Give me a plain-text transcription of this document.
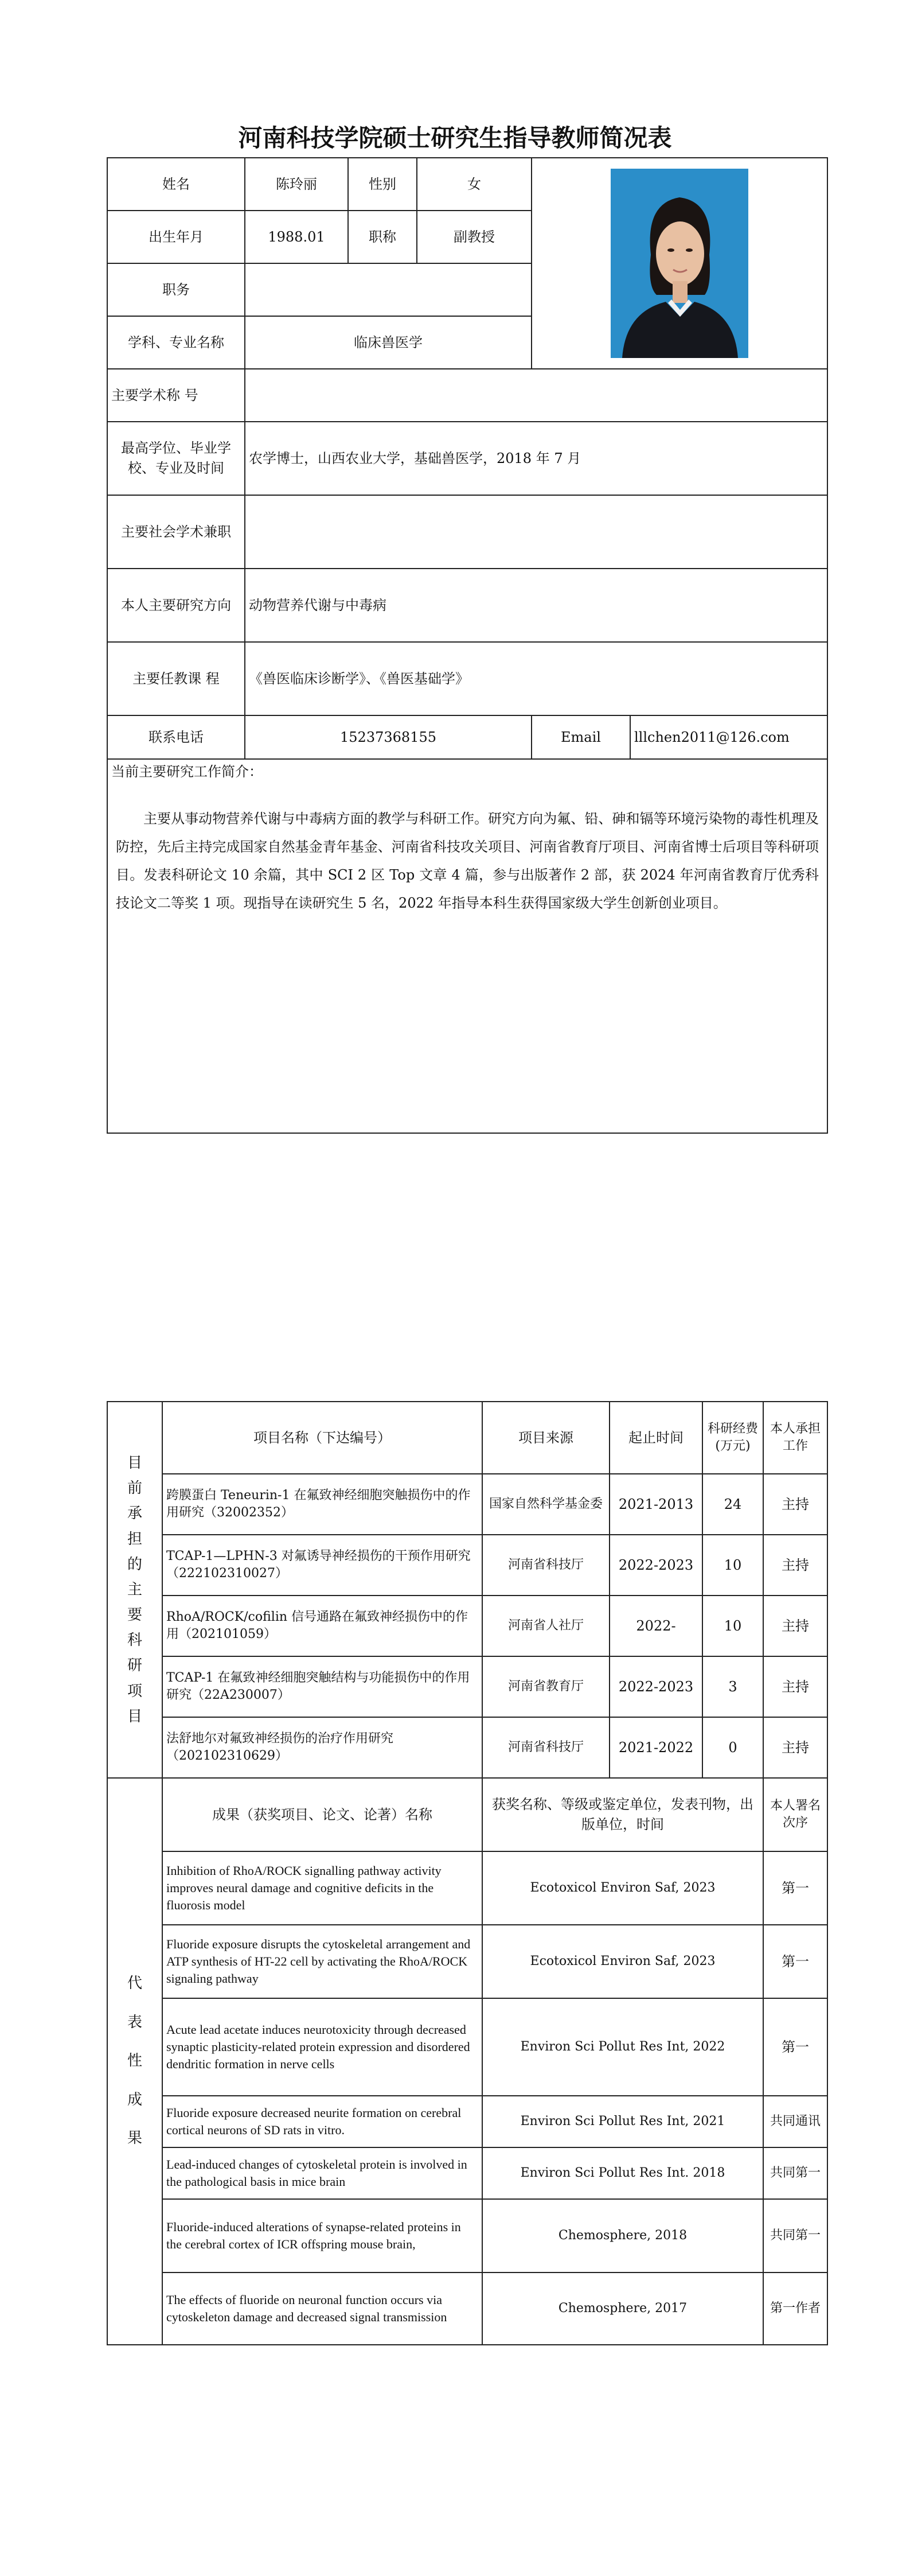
河南科技学院硕士研究生指导教师简况表
姓名	陈玲丽	性别	女	

出生年月	1988.01	职称	副教授	
职务				
学科、专业名称	临床兽医学			
主要学术称 号				
最高学位、毕业学校、专业及时间	农学博士，山西农业大学，基础兽医学，2018 年 7 月			
主要社会学术兼职				
本人主要研究方向	动物营养代谢与中毒病			
主要任教课 程	《兽医临床诊断学》、《兽医基础学》			
联系电话	15237368155			Email lllchen2011@126.com

当前主要研究工作简介：
主要从事动物营养代谢与中毒病方面的教学与科研工作。研究方向为氟、铅、砷和镉等环境污染物的毒性机理及防控，先后主持完成国家自然基金青年基金、河南省科技攻关项目、河南省教育厅项目、河南省博士后项目等科研项目。发表科研论文 10 余篇，其中 SCI 2 区 Top 文章 4 篇，参与出版著作 2 部，获 2024 年河南省教育厅优秀科技论文二等奖 1 项。现指导在读研究生 5 名，2022 年指导本科生获得国家级大学生创新创业项目。				
目前承担的主要科研项目	项目名称（下达编号）	项目来源	起止时间	科研经费(万元)	本人承担工作
	跨膜蛋白 Teneurin-1 在氟致神经细胞突触损伤中的作用研究（32002352）	国家自然科学基金委	2021-2013	24	主持
	TCAP-1—LPHN-3 对氟诱导神经损伤的干预作用研究（222102310027）	河南省科技厅	2022-2023	10	主持
	RhoA/ROCK/cofilin 信号通路在氟致神经损伤中的作用（202101059）	河南省人社厅	2022-	10	主持
	TCAP-1 在氟致神经细胞突触结构与功能损伤中的作用研究（22A230007）	河南省教育厅	2022-2023	3	主持
	法舒地尔对氟致神经损伤的治疗作用研究（202102310629）	河南省科技厅	2021-2022	0	主持
代表性成果	成果（获奖项目、论文、论著）名称	获奖名称、等级或鉴定单位，发表刊物，出版单位，时间			本人署名次序
	Inhibition of RhoA/ROCK signalling pathway activity improves neural damage and cognitive deficits in the fluorosis model	Ecotoxicol Environ Saf, 2023			第一
	Fluoride exposure disrupts the cytoskeletal arrangement and ATP synthesis of HT-22 cell by activating the RhoA/ROCK signaling pathway	Ecotoxicol Environ Saf, 2023			第一
	Acute lead acetate induces neurotoxicity through decreased synaptic plasticity-related protein expression and disordered dendritic formation in nerve cells	Environ Sci Pollut Res Int, 2022			第一
	Fluoride exposure decreased neurite formation on cerebral cortical neurons of SD rats in vitro.	Environ Sci Pollut Res Int, 2021			共同通讯
	Lead-induced changes of cytoskeletal protein is involved in the pathological basis in mice brain	Environ Sci Pollut Res Int. 2018			共同第一
	Fluoride-induced alterations of synapse-related proteins in the cerebral cortex of ICR offspring mouse brain,	Chemosphere, 2018			共同第一
	The effects of fluoride on neuronal function occurs via cytoskeleton damage and decreased signal transmission	Chemosphere, 2017			第一作者
